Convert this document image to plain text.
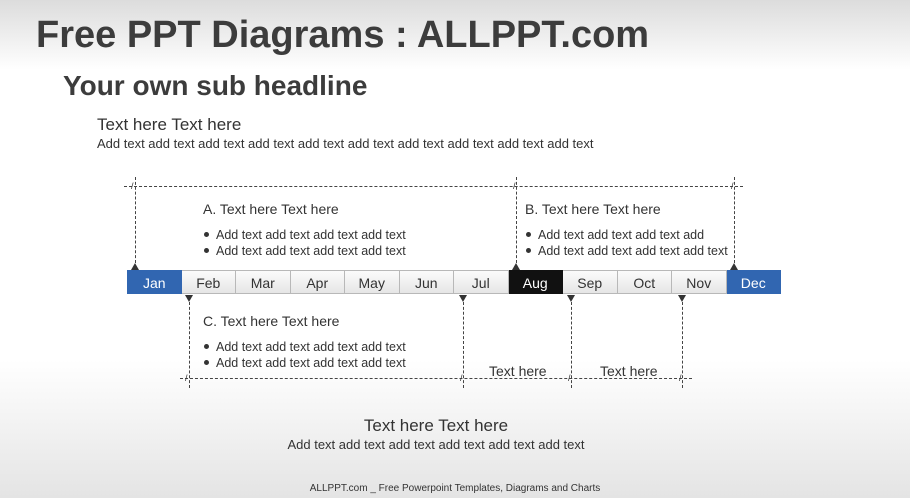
Free PPT Diagrams : ALLPPT.com
Your own sub headline
Text here Text here
Add text add text add text add text add text add text add text add text add text add text
/	/	/
A. Text here Text here
Add text add text add text add text
Add text add text add text add text
B. Text here Text here
Add text add text add text add
Add text add text add text add text
Jan	Feb	Mar	Apr	May	Jun	Jul	Aug	Sep	Oct	Nov	Dec
/	/	/	/
C. Text here Text here
Add text add text add text add text
Add text add text add text add text	Text here	Text here
Text here Text here
Add text add text add text add text add text add text
ALLPPT.com _ Free Powerpoint Templates, Diagrams and Charts
